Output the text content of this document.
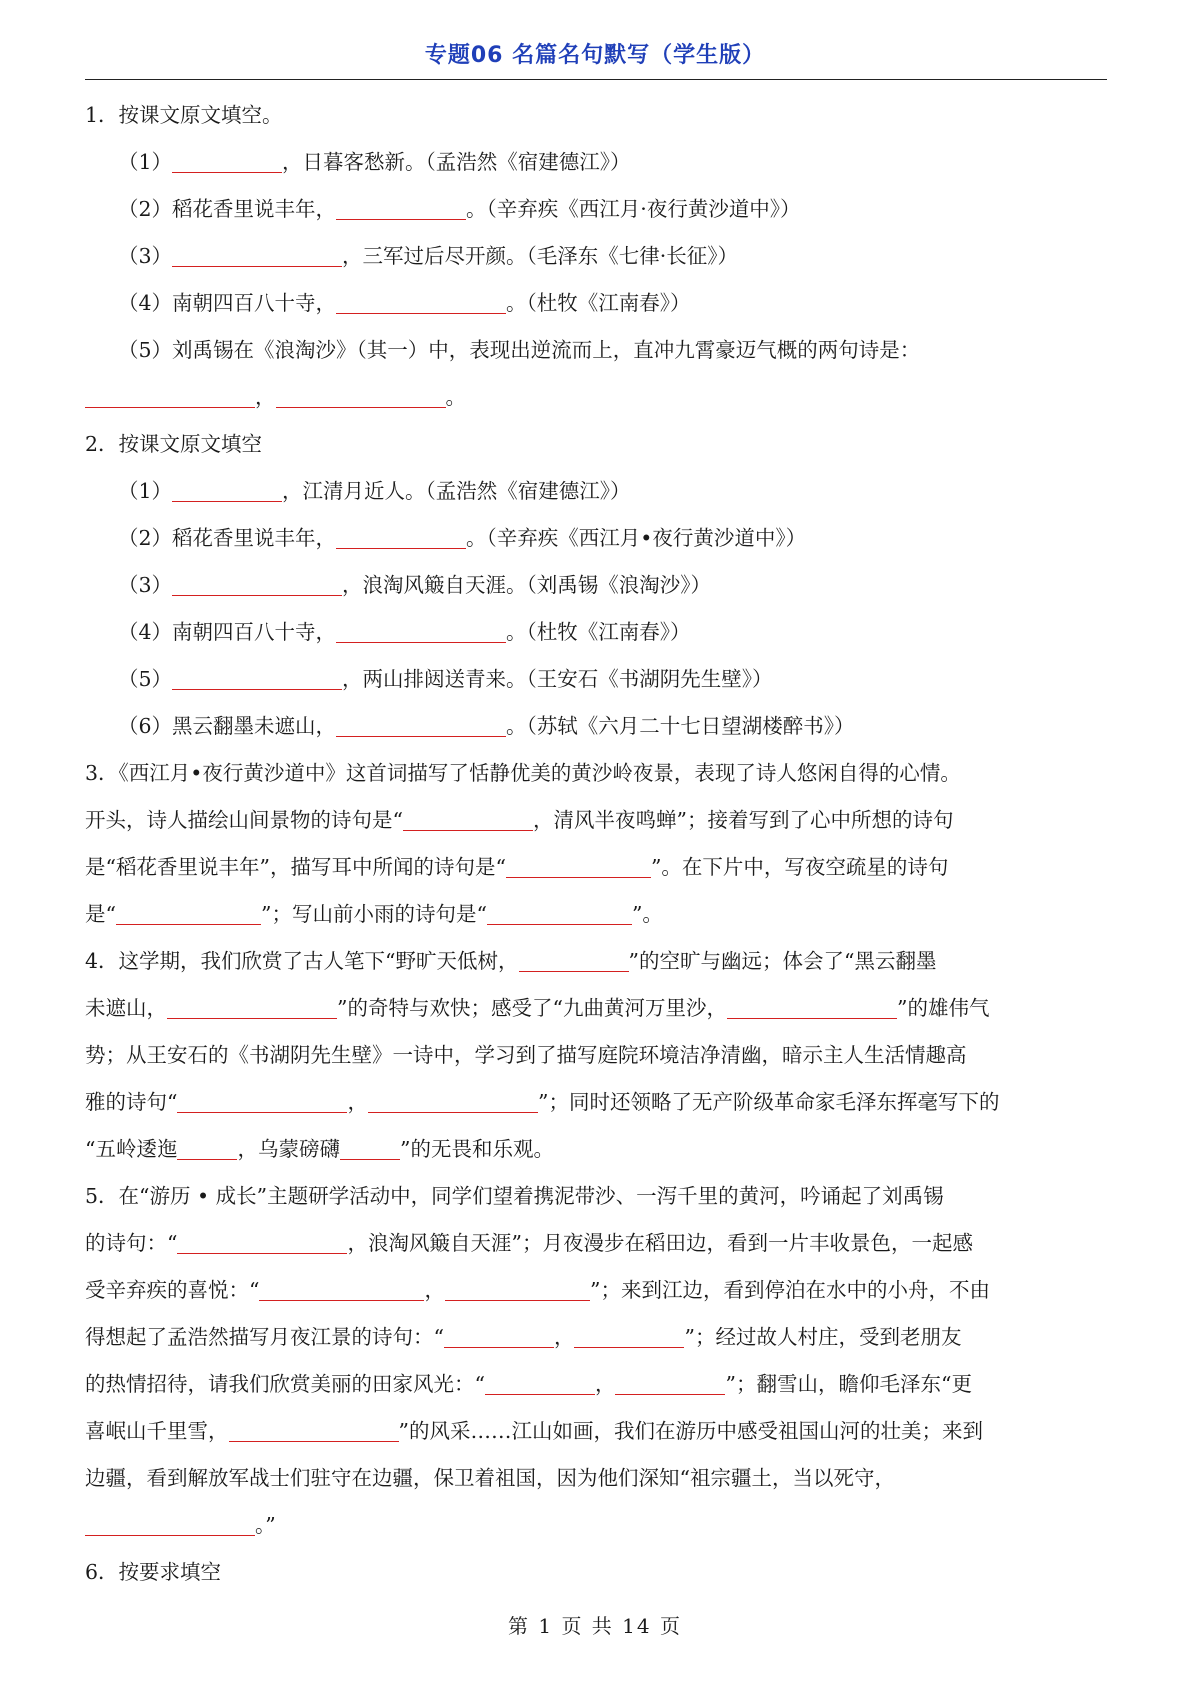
专题06 名篇名句默写（学生版）
1．按课文原文填空。
（1）	，日暮客愁新。（孟浩然《宿建德江》）
（2）稻花香里说丰年，	。（辛弃疾《西江月·夜行黄沙道中》）
（3）	，三军过后尽开颜。（毛泽东《七律·长征》）
（4）南朝四百八十寺，	。（杜牧《江南春》）
（5）刘禹锡在《浪淘沙》（其一）中，表现出逆流而上，直冲九霄豪迈气概的两句诗是：
，	。
2．按课文原文填空
（1）	，江清月近人。（孟浩然《宿建德江》）
（2）稻花香里说丰年，	。（辛弃疾《西江月•夜行黄沙道中》）
（3）	，浪淘风簸自天涯。（刘禹锡《浪淘沙》）
（4）南朝四百八十寺，	。（杜牧《江南春》）
（5）	，两山排闼送青来。（王安石《书湖阴先生壁》）
（6）黑云翻墨未遮山，	。（苏轼《六月二十七日望湖楼醉书》）
3．《西江月•夜行黄沙道中》这首词描写了恬静优美的黄沙岭夜景，表现了诗人悠闲自得的心情。
开头，诗人描绘山间景物的诗句是“	，清风半夜鸣蝉”；接着写到了心中所想的诗句
是“稻花香里说丰年”，描写耳中所闻的诗句是“	”。在下片中，写夜空疏星的诗句
是“	”；写山前小雨的诗句是“	”。
4．这学期，我们欣赏了古人笔下“野旷天低树，	”的空旷与幽远；体会了“黑云翻墨
未遮山，	”的奇特与欢快；感受了“九曲黄河万里沙，	”的雄伟气
势；从王安石的《书湖阴先生壁》一诗中，学习到了描写庭院环境洁净清幽，暗示主人生活情趣高
雅的诗句“	，	”；同时还领略了无产阶级革命家毛泽东挥毫写下的
“五岭逶迤	，乌蒙磅礴	”的无畏和乐观。
5．在“游历 • 成长”主题研学活动中，同学们望着携泥带沙、一泻千里的黄河，吟诵起了刘禹锡
的诗句：“	，浪淘风簸自天涯”；月夜漫步在稻田边，看到一片丰收景色，一起感
受辛弃疾的喜悦：“	，	”；来到江边，看到停泊在水中的小舟，不由
得想起了孟浩然描写月夜江景的诗句：“	，	”；经过故人村庄，受到老朋友
的热情招待，请我们欣赏美丽的田家风光：“	，	”；翻雪山，瞻仰毛泽东“更
喜岷山千里雪，	”的风采……江山如画，我们在游历中感受祖国山河的壮美；来到
边疆，看到解放军战士们驻守在边疆，保卫着祖国，因为他们深知“祖宗疆土，当以死守，
。”
6．按要求填空
第 1 页 共 14 页
